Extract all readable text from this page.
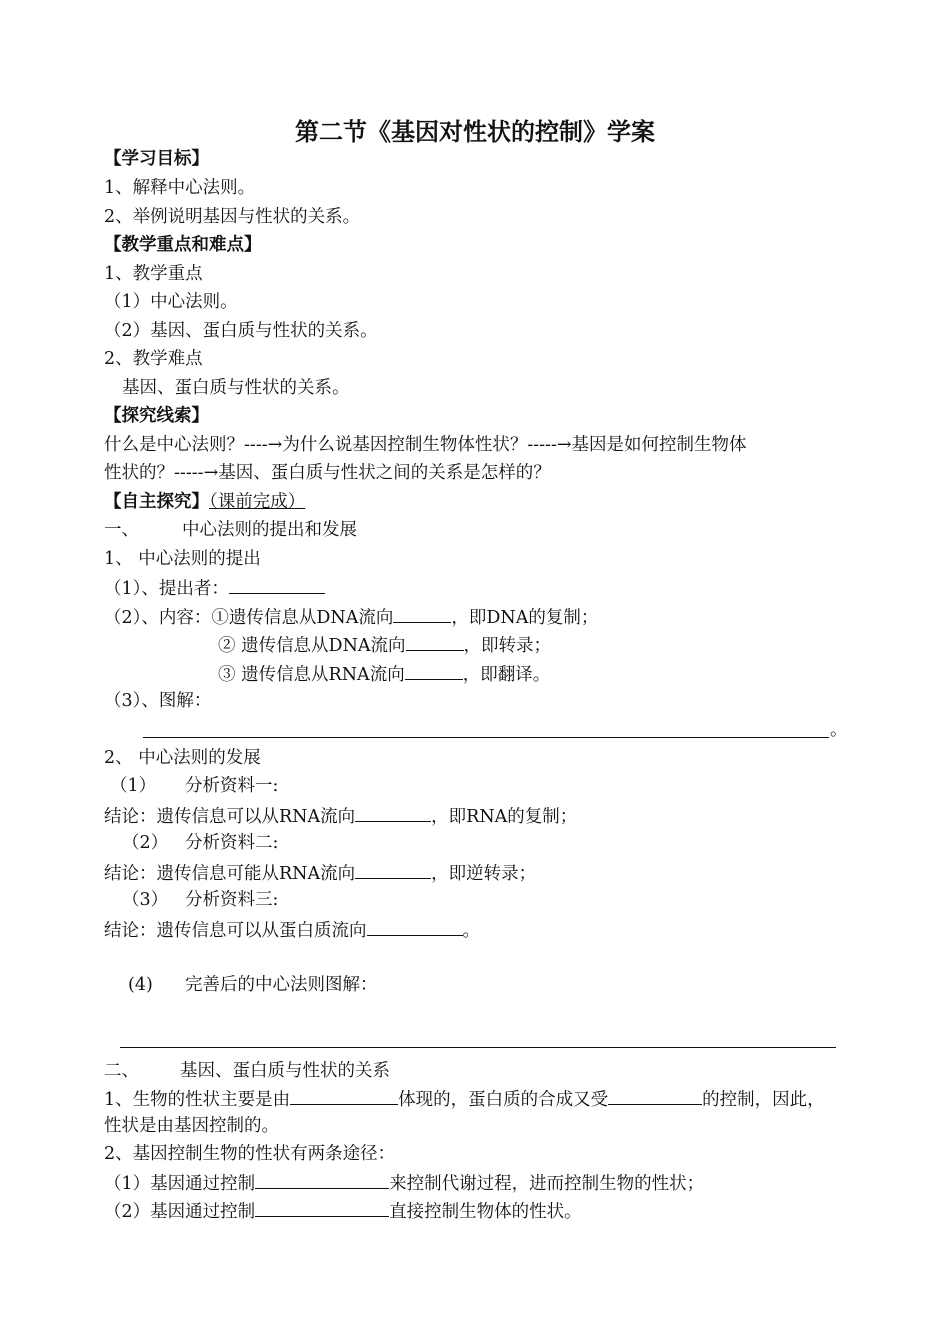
第二节《基因对性状的控制》学案
【学习目标】
1、解释中心法则。
2、举例说明基因与性状的关系。
【教学重点和难点】
1、教学重点
（1）中心法则。
（2）基因、蛋白质与性状的关系。
2、教学难点
基因、蛋白质与性状的关系。
【探究线索】
什么是中心法则？----→为什么说基因控制生物体性状？-----→基因是如何控制生物体
性状的？-----→基因、蛋白质与性状之间的关系是怎样的？
【自主探究】（课前完成）
一、 中心法则的提出和发展
1、 中心法则的提出
（1）、提出者：
（2）、内容：①遗传信息从DNA流向	，即DNA的复制；
② 遗传信息从DNA流向	，即转录；
③ 遗传信息从RNA流向	，即翻译。
（3）、图解：
。
2、 中心法则的发展
（1） 分析资料一:
结论：遗传信息可以从RNA流向	，即RNA的复制；
（2） 分析资料二:
结论：遗传信息可能从RNA流向	，即逆转录；
（3） 分析资料三:
结论：遗传信息可以从蛋白质流向	。
(4) 完善后的中心法则图解：
二、 基因、蛋白质与性状的关系
1、生物的性状主要是由	体现的，蛋白质的合成又受	的控制，因此，
性状是由基因控制的。
2、基因控制生物的性状有两条途径：
（1）基因通过控制	来控制代谢过程，进而控制生物的性状；
（2）基因通过控制	直接控制生物体的性状。
